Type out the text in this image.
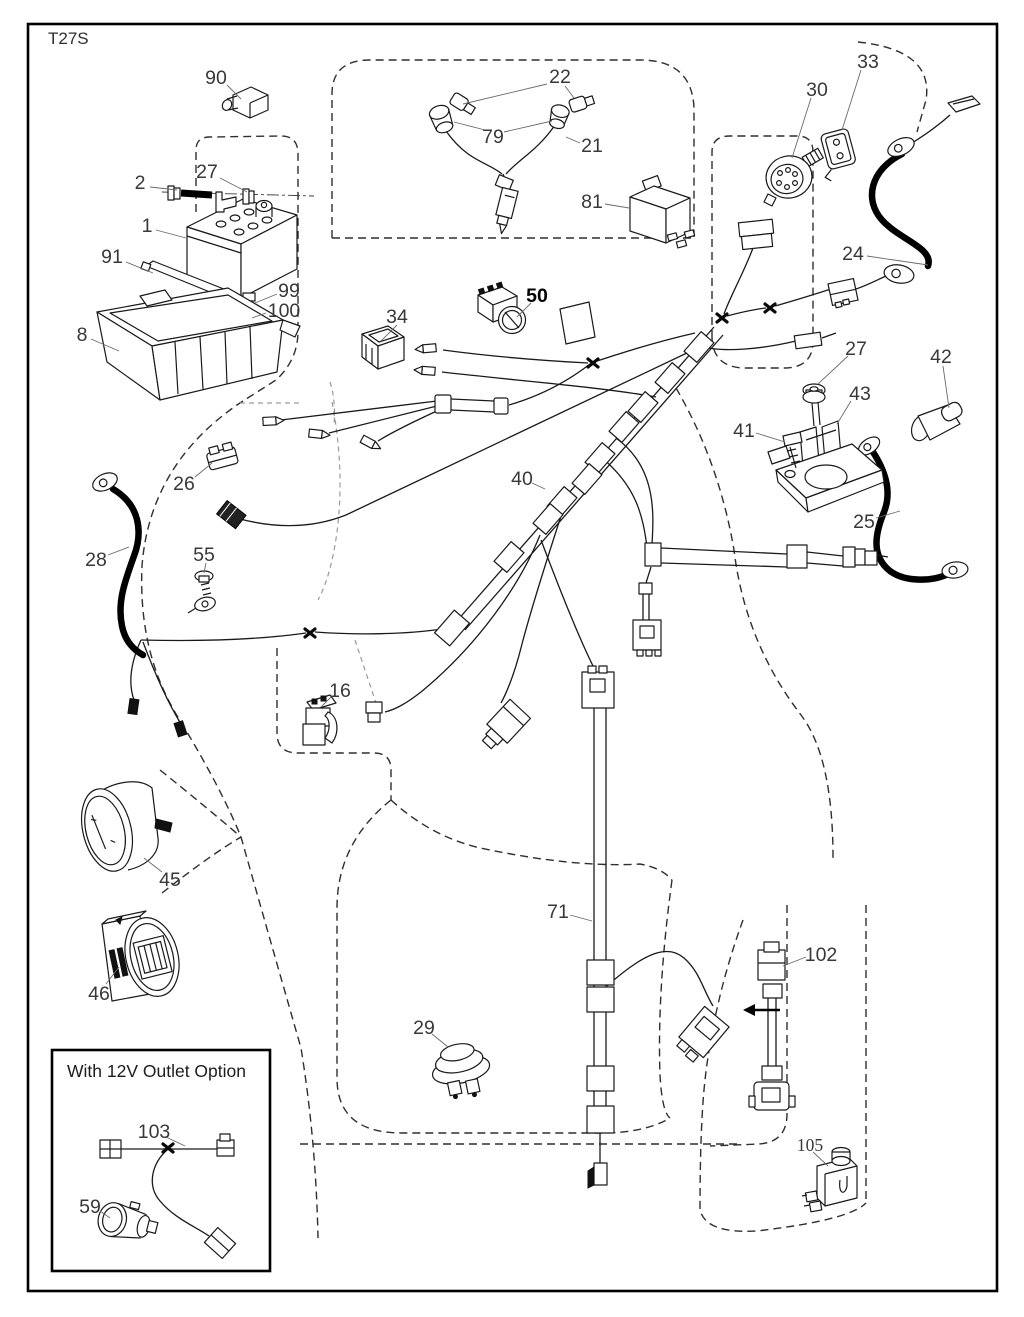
T27S
With 12V Outlet Option
90
2	27
1
91
99
100
8
22
79	21
81
30
33
24
34
50
27	42
43
41
25
26
28	55
40
16
45
46
71
29
102
105
103
59
